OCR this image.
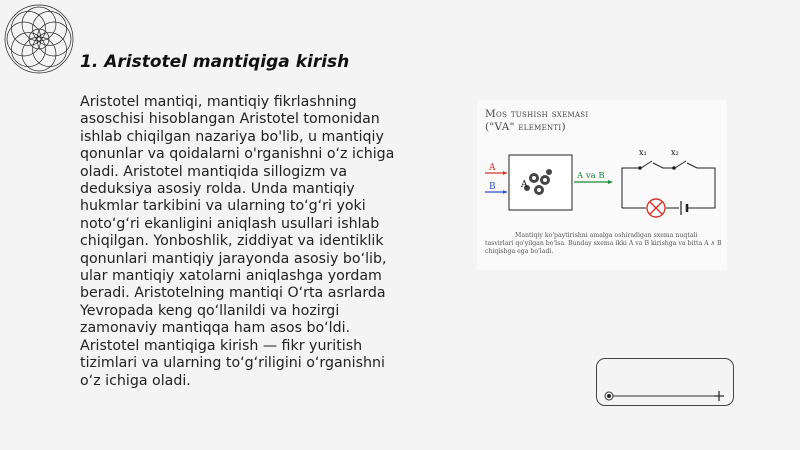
1. Aristotel mantiqiga kirish
Aristotel mantiqi, mantiqiy fikrlashning asoschisi hisoblangan Aristotel tomonidan ishlab chiqilgan nazariya bo'lib, u mantiqiy qonunlar va qoidalarni o'rganishni o‘z ichiga oladi. Aristotel mantiqida sillogizm va deduksiya asosiy rolda. Unda mantiqiy hukmlar tarkibini va ularning to‘g‘ri yoki noto‘g‘ri ekanligini aniqlash usullari ishlab chiqilgan. Yonboshlik, ziddiyat va identiklik qonunlari mantiqiy jarayonda asosiy bo‘lib, ular mantiqiy xatolarni aniqlashga yordam beradi. Aristotelning mantiqi O‘rta asrlarda Yevropada keng qo‘llanildi va hozirgi zamonaviy mantiqqa ham asos bo‘ldi. Aristotel mantiqiga kirish — fikr yuritish tizimlari va ularning to‘g‘riligini o‘rganishni o‘z ichiga oladi.
Mos tushish sxemasi
("VA" elementi)
A
A
B
A va B
x₁	x₂
Mantiqiy ko'paytirishni amalga oshiradigan sxema nuqtali tasvirlari qo'yilgan bo'lsa. Bunday sxema ikki A va B kirishga va bitta A ∧ B chiqishga ega bo'ladi.
